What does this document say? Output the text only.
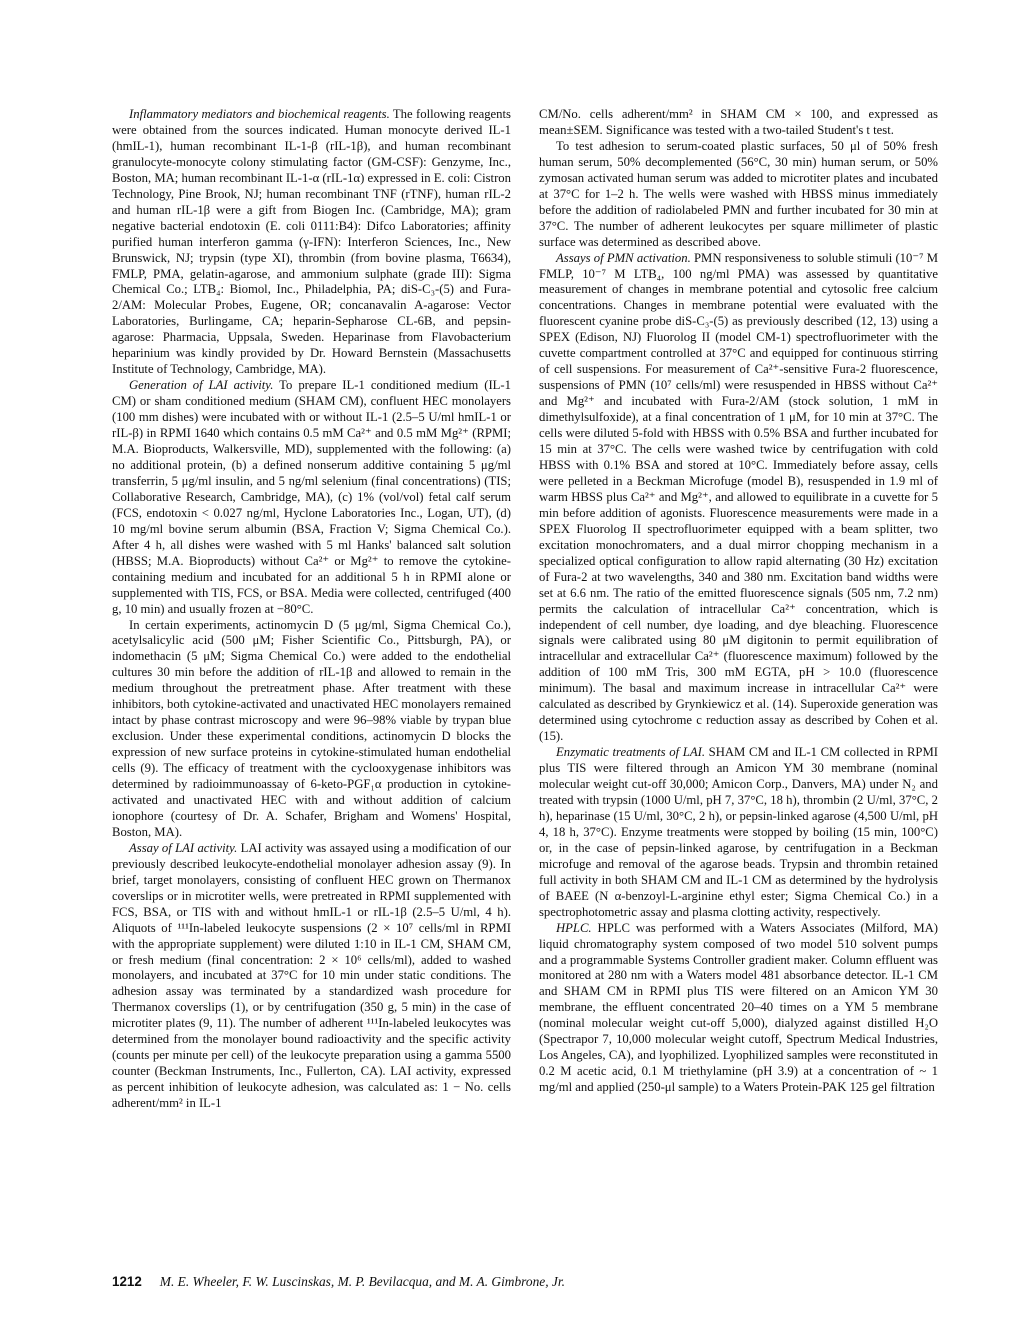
Inflammatory mediators and biochemical reagents. The following reagents were obtained from the sources indicated. Human monocyte derived IL-1 (hmIL-1), human recombinant IL-1-β (rIL-1β), and human recombinant granulocyte-monocyte colony stimulating factor (GM-CSF): Genzyme, Inc., Boston, MA; human recombinant IL-1-α (rIL-1α) expressed in E. coli: Cistron Technology, Pine Brook, NJ; human recombinant TNF (rTNF), human rIL-2 and human rIL-1β were a gift from Biogen Inc. (Cambridge, MA); gram negative bacterial endotoxin (E. coli 0111:B4): Difco Laboratories; affinity purified human interferon gamma (γ-IFN): Interferon Sciences, Inc., New Brunswick, NJ; trypsin (type XI), thrombin (from bovine plasma, T6634), FMLP, PMA, gelatin-agarose, and ammonium sulphate (grade III): Sigma Chemical Co.; LTB₄: Biomol, Inc., Philadelphia, PA; diS-C₃-(5) and Fura-2/AM: Molecular Probes, Eugene, OR; concanavalin A-agarose: Vector Laboratories, Burlingame, CA; heparin-Sepharose CL-6B, and pepsin-agarose: Pharmacia, Uppsala, Sweden. Heparinase from Flavobacterium heparinium was kindly provided by Dr. Howard Bernstein (Massachusetts Institute of Technology, Cambridge, MA).

Generation of LAI activity. To prepare IL-1 conditioned medium (IL-1 CM) or sham conditioned medium (SHAM CM), confluent HEC monolayers (100 mm dishes) were incubated with or without IL-1 (2.5–5 U/ml hmIL-1 or rIL-β) in RPMI 1640 which contains 0.5 mM Ca²⁺ and 0.5 mM Mg²⁺ (RPMI; M.A. Bioproducts, Walkersville, MD), supplemented with the following: (a) no additional protein, (b) a defined nonserum additive containing 5 μg/ml transferrin, 5 μg/ml insulin, and 5 ng/ml selenium (final concentrations) (TIS; Collaborative Research, Cambridge, MA), (c) 1% (vol/vol) fetal calf serum (FCS, endotoxin < 0.027 ng/ml, Hyclone Laboratories Inc., Logan, UT), (d) 10 mg/ml bovine serum albumin (BSA, Fraction V; Sigma Chemical Co.). After 4 h, all dishes were washed with 5 ml Hanks' balanced salt solution (HBSS; M.A. Bioproducts) without Ca²⁺ or Mg²⁺ to remove the cytokine-containing medium and incubated for an additional 5 h in RPMI alone or supplemented with TIS, FCS, or BSA. Media were collected, centrifuged (400 g, 10 min) and usually frozen at −80°C.

In certain experiments, actinomycin D (5 μg/ml, Sigma Chemical Co.), acetylsalicylic acid (500 μM; Fisher Scientific Co., Pittsburgh, PA), or indomethacin (5 μM; Sigma Chemical Co.) were added to the endothelial cultures 30 min before the addition of rIL-1β and allowed to remain in the medium throughout the pretreatment phase. After treatment with these inhibitors, both cytokine-activated and unactivated HEC monolayers remained intact by phase contrast microscopy and were 96–98% viable by trypan blue exclusion. Under these experimental conditions, actinomycin D blocks the expression of new surface proteins in cytokine-stimulated human endothelial cells (9). The efficacy of treatment with the cyclooxygenase inhibitors was determined by radioimmunoassay of 6-keto-PGF₁α production in cytokine-activated and unactivated HEC with and without addition of calcium ionophore (courtesy of Dr. A. Schafer, Brigham and Womens' Hospital, Boston, MA).

Assay of LAI activity. LAI activity was assayed using a modification of our previously described leukocyte-endothelial monolayer adhesion assay (9). In brief, target monolayers, consisting of confluent HEC grown on Thermanox coverslips or in microtiter wells, were pretreated in RPMI supplemented with FCS, BSA, or TIS with and without hmIL-1 or rIL-1β (2.5–5 U/ml, 4 h). Aliquots of ¹¹¹In-labeled leukocyte suspensions (2 × 10⁷ cells/ml in RPMI with the appropriate supplement) were diluted 1:10 in IL-1 CM, SHAM CM, or fresh medium (final concentration: 2 × 10⁶ cells/ml), added to washed monolayers, and incubated at 37°C for 10 min under static conditions. The adhesion assay was terminated by a standardized wash procedure for Thermanox coverslips (1), or by centrifugation (350 g, 5 min) in the case of microtiter plates (9, 11). The number of adherent ¹¹¹In-labeled leukocytes was determined from the monolayer bound radioactivity and the specific activity (counts per minute per cell) of the leukocyte preparation using a gamma 5500 counter (Beckman Instruments, Inc., Fullerton, CA). LAI activity, expressed as percent inhibition of leukocyte adhesion, was calculated as: 1 − No. cells adherent/mm² in IL-1

CM/No. cells adherent/mm² in SHAM CM × 100, and expressed as mean±SEM. Significance was tested with a two-tailed Student's t test.

To test adhesion to serum-coated plastic surfaces, 50 μl of 50% fresh human serum, 50% decomplemented (56°C, 30 min) human serum, or 50% zymosan activated human serum was added to microtiter plates and incubated at 37°C for 1–2 h. The wells were washed with HBSS minus immediately before the addition of radiolabeled PMN and further incubated for 30 min at 37°C. The number of adherent leukocytes per square millimeter of plastic surface was determined as described above.

Assays of PMN activation. PMN responsiveness to soluble stimuli (10⁻⁷ M FMLP, 10⁻⁷ M LTB₄, 100 ng/ml PMA) was assessed by quantitative measurement of changes in membrane potential and cytosolic free calcium concentrations. Changes in membrane potential were evaluated with the fluorescent cyanine probe diS-C₃-(5) as previously described (12, 13) using a SPEX (Edison, NJ) Fluorolog II (model CM-1) spectrofluorimeter with the cuvette compartment controlled at 37°C and equipped for continuous stirring of cell suspensions. For measurement of Ca²⁺-sensitive Fura-2 fluorescence, suspensions of PMN (10⁷ cells/ml) were resuspended in HBSS without Ca²⁺ and Mg²⁺ and incubated with Fura-2/AM (stock solution, 1 mM in dimethylsulfoxide), at a final concentration of 1 μM, for 10 min at 37°C. The cells were diluted 5-fold with HBSS with 0.5% BSA and further incubated for 15 min at 37°C. The cells were washed twice by centrifugation with cold HBSS with 0.1% BSA and stored at 10°C. Immediately before assay, cells were pelleted in a Beckman Microfuge (model B), resuspended in 1.9 ml of warm HBSS plus Ca²⁺ and Mg²⁺, and allowed to equilibrate in a cuvette for 5 min before addition of agonists. Fluorescence measurements were made in a SPEX Fluorolog II spectrofluorimeter equipped with a beam splitter, two excitation monochromaters, and a dual mirror chopping mechanism in a specialized optical configuration to allow rapid alternating (30 Hz) excitation of Fura-2 at two wavelengths, 340 and 380 nm. Excitation band widths were set at 6.6 nm. The ratio of the emitted fluorescence signals (505 nm, 7.2 nm) permits the calculation of intracellular Ca²⁺ concentration, which is independent of cell number, dye loading, and dye bleaching. Fluorescence signals were calibrated using 80 μM digitonin to permit equilibration of intracellular and extracellular Ca²⁺ (fluorescence maximum) followed by the addition of 100 mM Tris, 300 mM EGTA, pH > 10.0 (fluorescence minimum). The basal and maximum increase in intracellular Ca²⁺ were calculated as described by Grynkiewicz et al. (14). Superoxide generation was determined using cytochrome c reduction assay as described by Cohen et al. (15).

Enzymatic treatments of LAI. SHAM CM and IL-1 CM collected in RPMI plus TIS were filtered through an Amicon YM 30 membrane (nominal molecular weight cut-off 30,000; Amicon Corp., Danvers, MA) under N₂ and treated with trypsin (1000 U/ml, pH 7, 37°C, 18 h), thrombin (2 U/ml, 37°C, 2 h), heparinase (15 U/ml, 30°C, 2 h), or pepsin-linked agarose (4,500 U/ml, pH 4, 18 h, 37°C). Enzyme treatments were stopped by boiling (15 min, 100°C) or, in the case of pepsin-linked agarose, by centrifugation in a Beckman microfuge and removal of the agarose beads. Trypsin and thrombin retained full activity in both SHAM CM and IL-1 CM as determined by the hydrolysis of BAEE (N α-benzoyl-L-arginine ethyl ester; Sigma Chemical Co.) in a spectrophotometric assay and plasma clotting activity, respectively.

HPLC. HPLC was performed with a Waters Associates (Milford, MA) liquid chromatography system composed of two model 510 solvent pumps and a programmable Systems Controller gradient maker. Column effluent was monitored at 280 nm with a Waters model 481 absorbance detector. IL-1 CM and SHAM CM in RPMI plus TIS were filtered on an Amicon YM 30 membrane, the effluent concentrated 20–40 times on a YM 5 membrane (nominal molecular weight cut-off 5,000), dialyzed against distilled H₂O (Spectrapor 7, 10,000 molecular weight cutoff, Spectrum Medical Industries, Los Angeles, CA), and lyophilized. Lyophilized samples were reconstituted in 0.2 M acetic acid, 0.1 M triethylamine (pH 3.9) at a concentration of ~ 1 mg/ml and applied (250-μl sample) to a Waters Protein-PAK 125 gel filtration

1212 M. E. Wheeler, F. W. Luscinskas, M. P. Bevilacqua, and M. A. Gimbrone, Jr.
